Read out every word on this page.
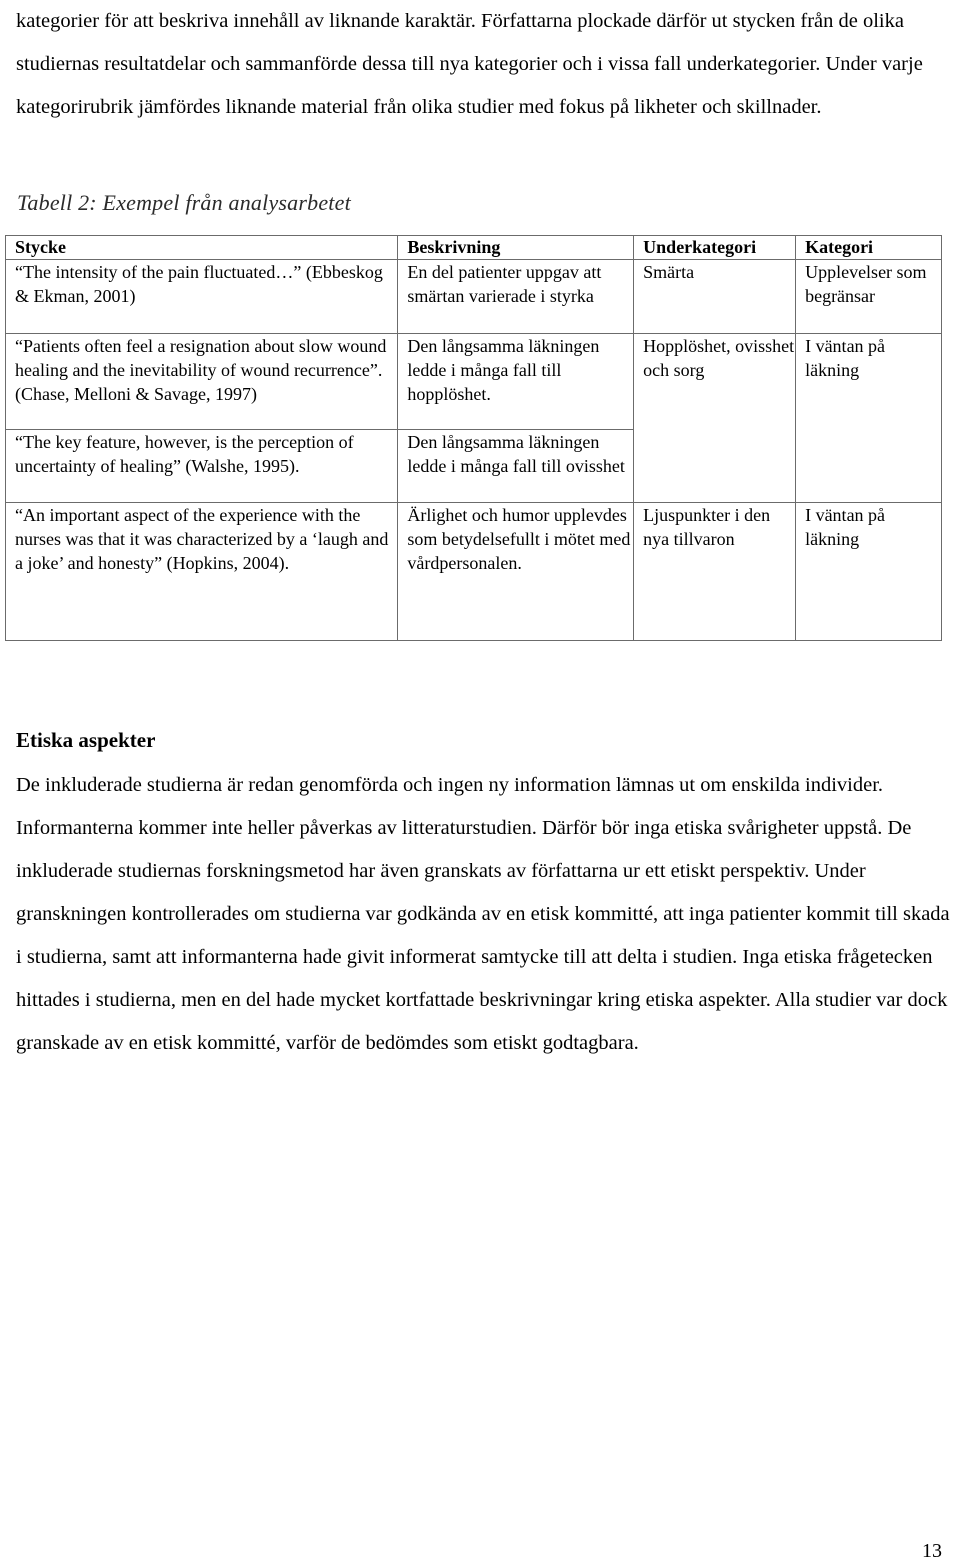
kategorier för att beskriva innehåll av liknande karaktär. Författarna plockade därför ut stycken från de olika studiernas resultatdelar och sammanförde dessa till nya kategorier och i vissa fall underkategorier. Under varje kategorirubrik jämfördes liknande material från olika studier med fokus på likheter och skillnader.

Tabell 2: Exempel från analysarbetet

Stycke	Beskrivning	Underkategori	Kategori
“The intensity of the pain fluctuated…” (Ebbeskog & Ekman, 2001)	En del patienter uppgav att smärtan varierade i styrka	Smärta	Upplevelser som begränsar
“Patients often feel a resignation about slow wound healing and the inevitability of wound recurrence”. (Chase, Melloni & Savage, 1997)	Den långsamma läkningen ledde i många fall till hopplöshet.	Hopplöshet, ovisshet och sorg	I väntan på läkning
“The key feature, however, is the perception of uncertainty of healing” (Walshe, 1995).	Den långsamma läkningen ledde i många fall till ovisshet		
“An important aspect of the experience with the nurses was that it was characterized by a ‘laugh and a joke’ and honesty” (Hopkins, 2004).	Ärlighet och humor upplevdes som betydelsefullt i mötet med vårdpersonalen.	Ljuspunkter i den nya tillvaron	I väntan på läkning
Etiska aspekter

De inkluderade studierna är redan genomförda och ingen ny information lämnas ut om enskilda individer. Informanterna kommer inte heller påverkas av litteraturstudien. Därför bör inga etiska svårigheter uppstå. De inkluderade studiernas forskningsmetod har även granskats av författarna ur ett etiskt perspektiv. Under granskningen kontrollerades om studierna var godkända av en etisk kommitté, att inga patienter kommit till skada i studierna, samt att informanterna hade givit informerat samtycke till att delta i studien. Inga etiska frågetecken hittades i studierna, men en del hade mycket kortfattade beskrivningar kring etiska aspekter. Alla studier var dock granskade av en etisk kommitté, varför de bedömdes som etiskt godtagbara.

13
